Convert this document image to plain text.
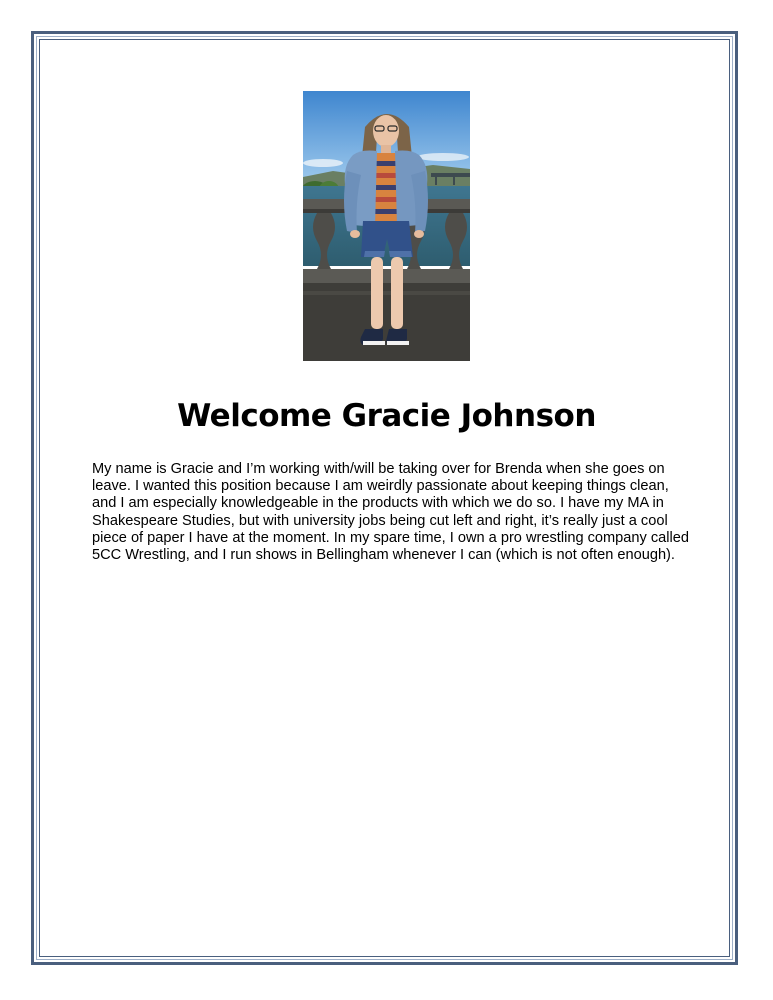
Welcome Gracie Johnson

My name is Gracie and I’m working with/will be taking over for Brenda when she goes on leave. I wanted this position because I am weirdly passionate about keeping things clean, and I am especially knowledgeable in the products with which we do so. I have my MA in Shakespeare Studies, but with university jobs being cut left and right, it’s really just a cool piece of paper I have at the moment. In my spare time, I own a pro wrestling company called 5CC Wrestling, and I run shows in Bellingham whenever I can (which is not often enough).
